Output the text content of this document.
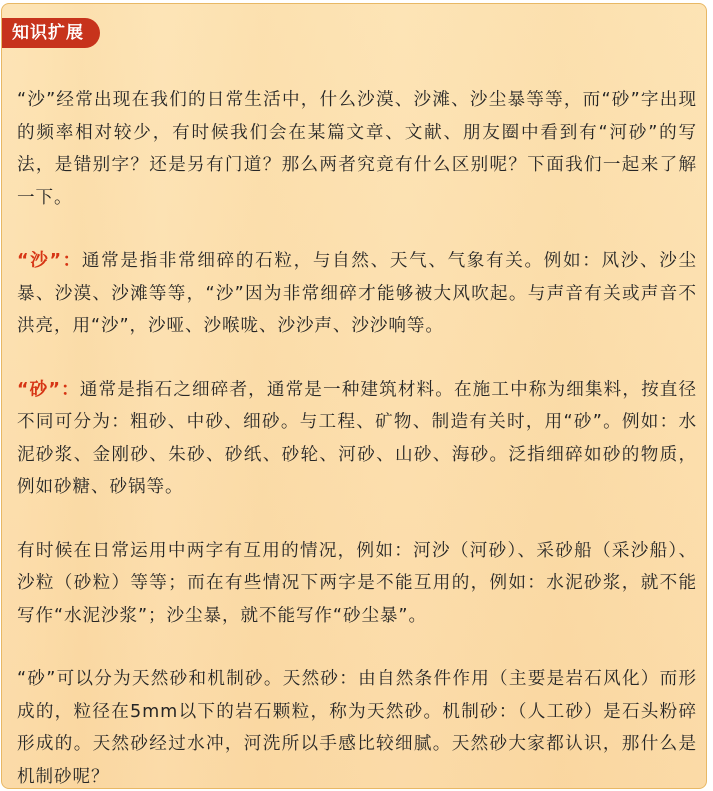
知识扩展

“沙”经常出现在我们的日常生活中，什么沙漠、沙滩、沙尘暴等等，而“砂”字出现的频率相对较少，有时候我们会在某篇文章、文献、朋友圈中看到有“河砂”的写法，是错别字？还是另有门道？那么两者究竟有什么区别呢？下面我们一起来了解一下。

“沙”：通常是指非常细碎的石粒，与自然、天气、气象有关。例如：风沙、沙尘暴、沙漠、沙滩等等，“沙”因为非常细碎才能够被大风吹起。与声音有关或声音不洪亮，用“沙”，沙哑、沙喉咙、沙沙声、沙沙响等。

“砂”：通常是指石之细碎者，通常是一种建筑材料。在施工中称为细集料，按直径不同可分为：粗砂、中砂、细砂。与工程、矿物、制造有关时，用“砂”。例如：水泥砂浆、金刚砂、朱砂、砂纸、砂轮、河砂、山砂、海砂。泛指细碎如砂的物质，例如砂糖、砂锅等。

有时候在日常运用中两字有互用的情况，例如：河沙（河砂）、采砂船（采沙船）、沙粒（砂粒）等等；而在有些情况下两字是不能互用的，例如：水泥砂浆，就不能写作“水泥沙浆”；沙尘暴，就不能写作“砂尘暴”。

“砂”可以分为天然砂和机制砂。天然砂：由自然条件作用（主要是岩石风化）而形成的，粒径在5mm以下的岩石颗粒，称为天然砂。机制砂：（人工砂）是石头粉碎形成的。天然砂经过水冲，河洗所以手感比较细腻。天然砂大家都认识，那什么是机制砂呢？
